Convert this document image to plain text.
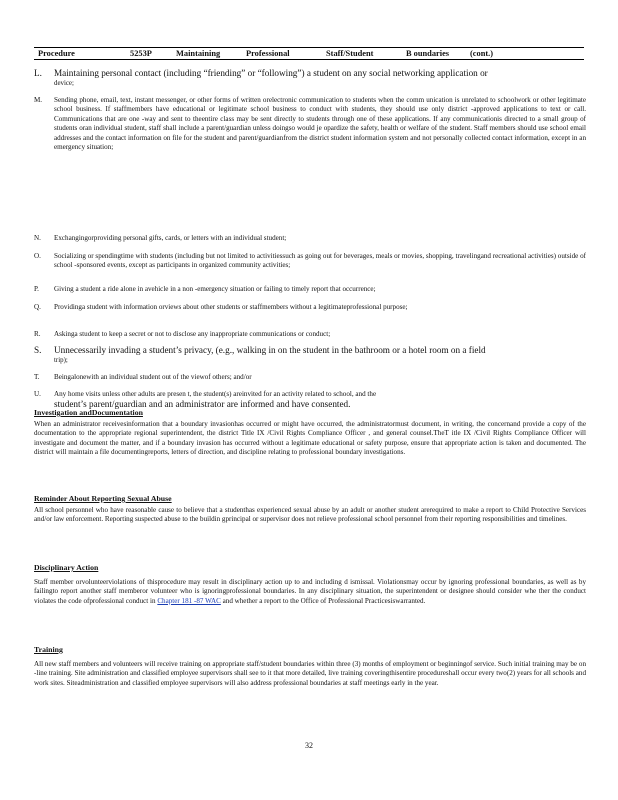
Procedure	5253P	Maintaining	Professional	Staff/Student	B oundaries (cont.)
L. Maintaining personal contact (including “friending” or “following”) a student on any social networking application or
device;
M. Sending phone, email, text, instant messenger, or other forms of written orelectronic communication to students when the comm unication is unrelated to schoolwork or other legitimate school business. If staffmembers have educational or legitimate school business to conduct with students, they should use only district -approved applications to text or call. Communications that are one -way and sent to theentire class may be sent directly to students through one of these applications. If any communicationis directed to a small group of students oran individual student, staff shall include a parent/guardian unless doingso would je opardize the safety, health or welfare of the student. Staff members should use school email addresses and the contact information on file for the student and parent/guardianfrom the district student information system and not personally collected contact information, except in an emergency situation;
N. Exchangingorproviding personal gifts, cards, or letters with an individual student;
O. Socializing or spendingtime with students (including but not limited to activitiessuch as going out for beverages, meals or movies, shopping, travelingand recreational activities) outside of school -sponsored events, except as participants in organized community activities;
P. Giving a student a ride alone in avehicle in a non -emergency situation or failing to timely report that occurrence;
Q. Providinga student with information orviews about other students or staffmembers without a legitimateprofessional purpose;
R. Askinga student to keep a secret or not to disclose any inappropriate communications or conduct;
S. Unnecessarily invading a student’s privacy, (e.g., walking in on the student in the bathroom or a hotel room on a field
trip);
T. Beingalonewith an individual student out of the viewof others; and/or
U. Any home visits unless other adults are presen t, the student(s) areinvited for an activity related to school, and the
student’s parent/guardian and an administrator are informed and have consented.
Investigation andDocumentation
When an administrator receivesinformation that a boundary invasionhas occurred or might have occurred, the administratormust document, in writing, the concernand provide a copy of the documentation to the appropriate regional superintendent, the district Title IX /Civil Rights Compliance Officer , and general counsel.TheT itle IX /Civil Rights Compliance Officer will investigate and document the matter, and if a boundary invasion has occurred without a legitimate educational or safety purpose, ensure that appropriate action is taken and documented. The district will maintain a file documentingreports, letters of direction, and discipline relating to professional boundary investigations.
Reminder About Reporting Sexual Abuse
All school personnel who have reasonable cause to believe that a studenthas experienced sexual abuse by an adult or another student arerequired to make a report to Child Protective Services and/or law enforcement. Reporting suspected abuse to the buildin gprincipal or supervisor does not relieve professional school personnel from their reporting responsibilities and timelines.
Disciplinary Action
Staff member orvolunteerviolations of thisprocedure may result in disciplinary action up to and including d ismissal. Violationsmay occur by ignoring professional boundaries, as well as by failingto report another staff memberor volunteer who is ignoringprofessional boundaries. In any disciplinary situation, the superintendent or designee should consider whe ther the conduct violates the code ofprofessional conduct in Chapter 181 -87 WAC and whether a report to the Office of Professional Practicesiswarranted.
Training
All new staff members and volunteers will receive training on appropriate staff/student boundaries within three (3) months of employment or beginningof service. Such initial training may be on -line training. Site administration and classified employee supervisors shall see to it that more detailed, live training coveringthisentire procedureshall occur every two(2) years for all schools and work sites. Siteadministration and classified employee supervisors will also address professional boundaries at staff meetings early in the year.
32
